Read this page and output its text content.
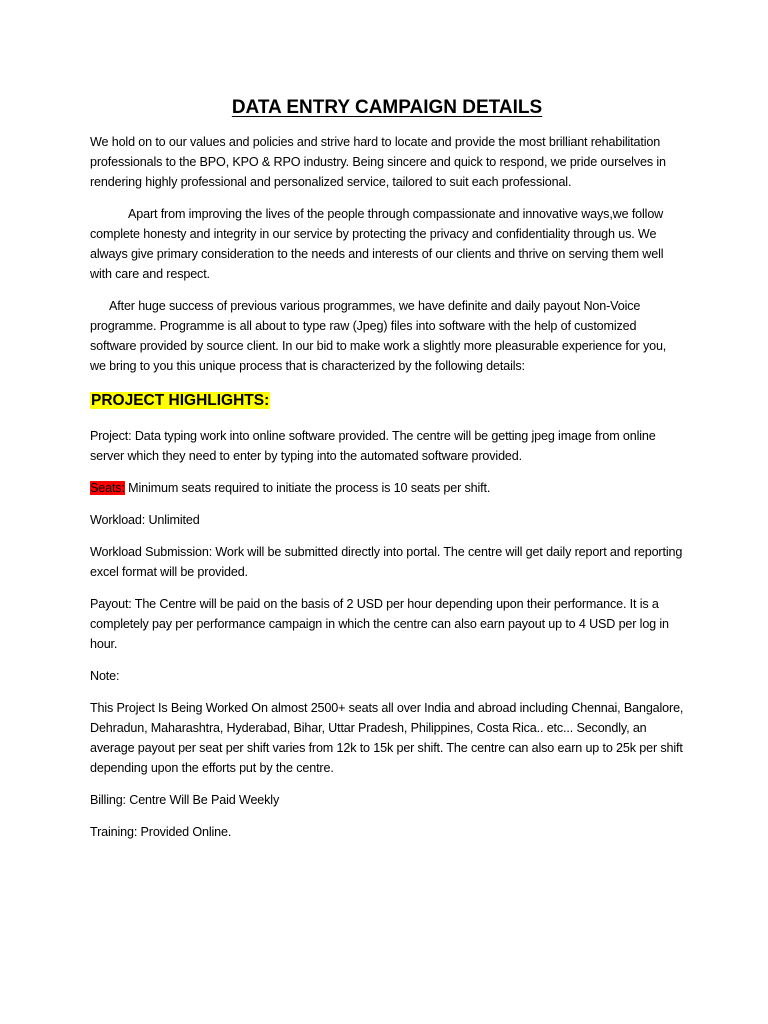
DATA ENTRY CAMPAIGN DETAILS

We hold on to our values and policies and strive hard to locate and provide the most brilliant rehabilitation professionals to the BPO, KPO & RPO industry. Being sincere and quick to respond, we pride ourselves in rendering highly professional and personalized service, tailored to suit each professional.

Apart from improving the lives of the people through compassionate and innovative ways,we follow complete honesty and integrity in our service by protecting the privacy and confidentiality through us. We always give primary consideration to the needs and interests of our clients and thrive on serving them well with care and respect.

After huge success of previous various programmes, we have definite and daily payout Non-Voice programme. Programme is all about to type raw (Jpeg) files into software with the help of customized software provided by source client. In our bid to make work a slightly more pleasurable experience for you, we bring to you this unique process that is characterized by the following details:

PROJECT HIGHLIGHTS:

Project: Data typing work into online software provided. The centre will be getting jpeg image from online server which they need to enter by typing into the automated software provided.

Seats: Minimum seats required to initiate the process is 10 seats per shift.

Workload: Unlimited

Workload Submission: Work will be submitted directly into portal. The centre will get daily report and reporting excel format will be provided.

Payout: The Centre will be paid on the basis of 2 USD per hour depending upon their performance. It is a completely pay per performance campaign in which the centre can also earn payout up to 4 USD per log in hour.

Note:

This Project Is Being Worked On almost 2500+ seats all over India and abroad including Chennai, Bangalore, Dehradun, Maharashtra, Hyderabad, Bihar, Uttar Pradesh, Philippines, Costa Rica.. etc... Secondly, an average payout per seat per shift varies from 12k to 15k per shift. The centre can also earn up to 25k per shift depending upon the efforts put by the centre.

Billing: Centre Will Be Paid Weekly

Training: Provided Online.
